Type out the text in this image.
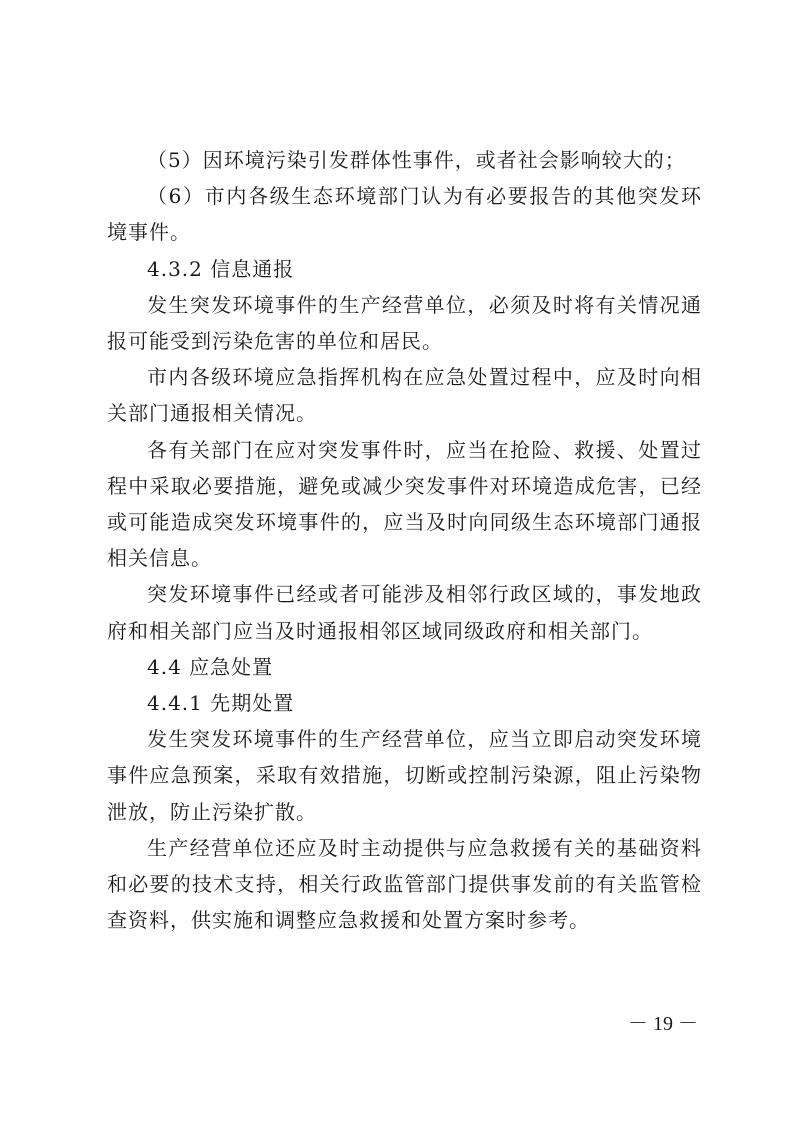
（5）因环境污染引发群体性事件，或者社会影响较大的；

（6）市内各级生态环境部门认为有必要报告的其他突发环境事件。

4.3.2 信息通报

发生突发环境事件的生产经营单位，必须及时将有关情况通报可能受到污染危害的单位和居民。

市内各级环境应急指挥机构在应急处置过程中，应及时向相关部门通报相关情况。

各有关部门在应对突发事件时，应当在抢险、救援、处置过程中采取必要措施，避免或减少突发事件对环境造成危害，已经或可能造成突发环境事件的，应当及时向同级生态环境部门通报相关信息。

突发环境事件已经或者可能涉及相邻行政区域的，事发地政府和相关部门应当及时通报相邻区域同级政府和相关部门。

4.4 应急处置

4.4.1 先期处置

发生突发环境事件的生产经营单位，应当立即启动突发环境事件应急预案，采取有效措施，切断或控制污染源，阻止污染物泄放，防止污染扩散。

生产经营单位还应及时主动提供与应急救援有关的基础资料和必要的技术支持，相关行政监管部门提供事发前的有关监管检查资料，供实施和调整应急救援和处置方案时参考。

－ 19 －
